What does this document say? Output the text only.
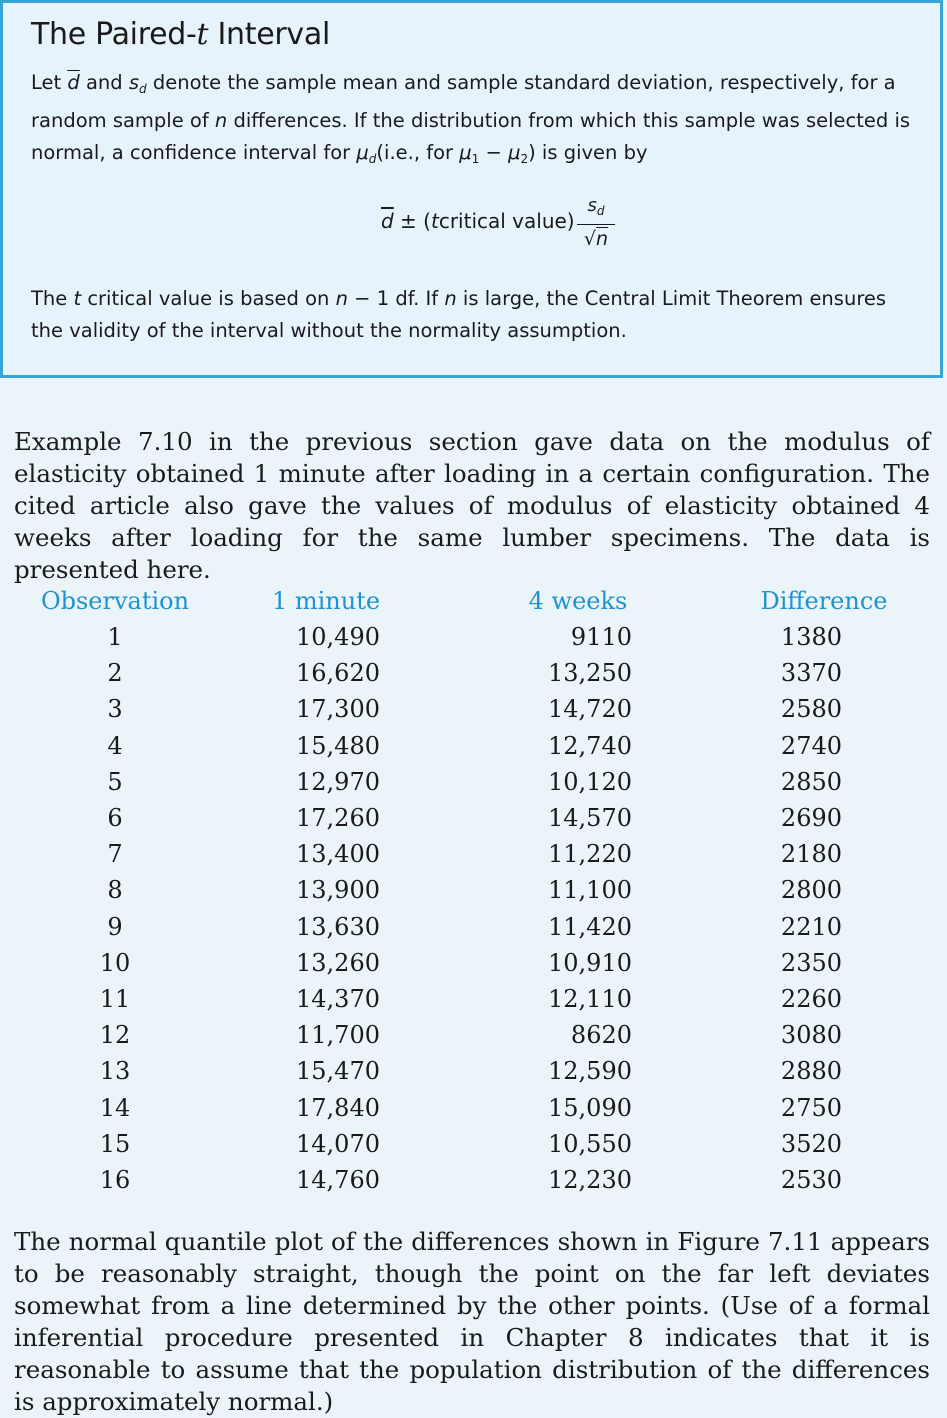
The Paired-t Interval

Let $\overline{d}$ and $s_d$ denote the sample mean and sample standard deviation, respectively, for a random sample of n differences. If the distribution from which this sample was selected is normal, a confidence interval for $\mu_d(i.e$., for $\mu_1 - \mu_2$) is given by

$\overline{d}$ ± (tcritical value)
$s_d$
√n

The t critical value is based on n − 1 df. If n is large, the Central Limit Theorem ensures the validity of the interval without the normality assumption.

Example 7.10 in the previous section gave data on the modulus of elasticity obtained 1 minute after loading in a certain configuration. The cited article also gave the values of modulus of elasticity obtained 4 weeks after loading for the same lumber specimens. The data is presented here.

Observation	1 minute	4 weeks	Difference
1	10,490	9110	1380
2	16,620	13,250	3370
3	17,300	14,720	2580
4	15,480	12,740	2740
5	12,970	10,120	2850
6	17,260	14,570	2690
7	13,400	11,220	2180
8	13,900	11,100	2800
9	13,630	11,420	2210
10	13,260	10,910	2350
11	14,370	12,110	2260
12	11,700	8620	3080
13	15,470	12,590	2880
14	17,840	15,090	2750
15	14,070	10,550	3520
16	14,760	12,230	2530

The normal quantile plot of the differences shown in Figure 7.11 appears to be reasonably straight, though the point on the far left deviates somewhat from a line determined by the other points. (Use of a formal inferential procedure presented in Chapter 8 indicates that it is reasonable to assume that the population distribution of the differences is approximately normal.)
